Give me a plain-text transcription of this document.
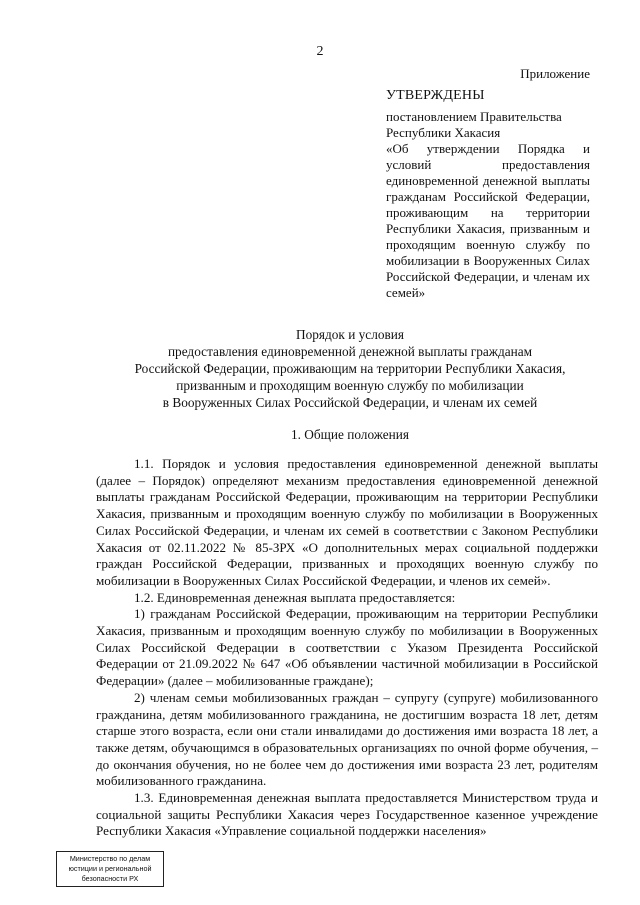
2
Приложение
УТВЕРЖДЕНЫ
постановлением Правительства
Республики Хакасия
«Об утверждении Порядка и условий предоставления единовременной денежной выплаты гражданам Российской Федерации, проживающим на территории Республики Хакасия, призванным и проходящим военную службу по мобилизации в Вооруженных Силах Российской Федерации, и членам их семей»
Порядок и условия
предоставления единовременной денежной выплаты гражданам
Российской Федерации, проживающим на территории Республики Хакасия,
призванным и проходящим военную службу по мобилизации
в Вооруженных Силах Российской Федерации, и членам их семей
1. Общие положения

1.1. Порядок и условия предоставления единовременной денежной выплаты (далее – Порядок) определяют механизм предоставления единовременной денежной выплаты гражданам Российской Федерации, проживающим на территории Республики Хакасия, призванным и проходящим военную службу по мобилизации в Вооруженных Силах Российской Федерации, и членам их семей в соответствии с Законом Республики Хакасия от 02.11.2022 № 85-ЗРХ «О дополнительных мерах социальной поддержки граждан Российской Федерации, призванных и проходящих военную службу по мобилизации в Вооруженных Силах Российской Федерации, и членов их семей».

1.2. Единовременная денежная выплата предоставляется:

1) гражданам Российской Федерации, проживающим на территории Республики Хакасия, призванным и проходящим военную службу по мобилизации в Вооруженных Силах Российской Федерации в соответствии с Указом Президента Российской Федерации от 21.09.2022 № 647 «Об объявлении частичной мобилизации в Российской Федерации» (далее – мобилизованные граждане);

2) членам семьи мобилизованных граждан – супругу (супруге) мобилизованного гражданина, детям мобилизованного гражданина, не достигшим возраста 18 лет, детям старше этого возраста, если они стали инвалидами до достижения ими возраста 18 лет, а также детям, обучающимся в образовательных организациях по очной форме обучения, – до окончания обучения, но не более чем до достижения ими возраста 23 лет, родителям мобилизованного гражданина.

1.3. Единовременная денежная выплата предоставляется Министерством труда и социальной защиты Республики Хакасия через Государственное казенное учреждение Республики Хакасия «Управление социальной поддержки населения»

Министерство по делам
юстиции и региональной
безопасности РХ
